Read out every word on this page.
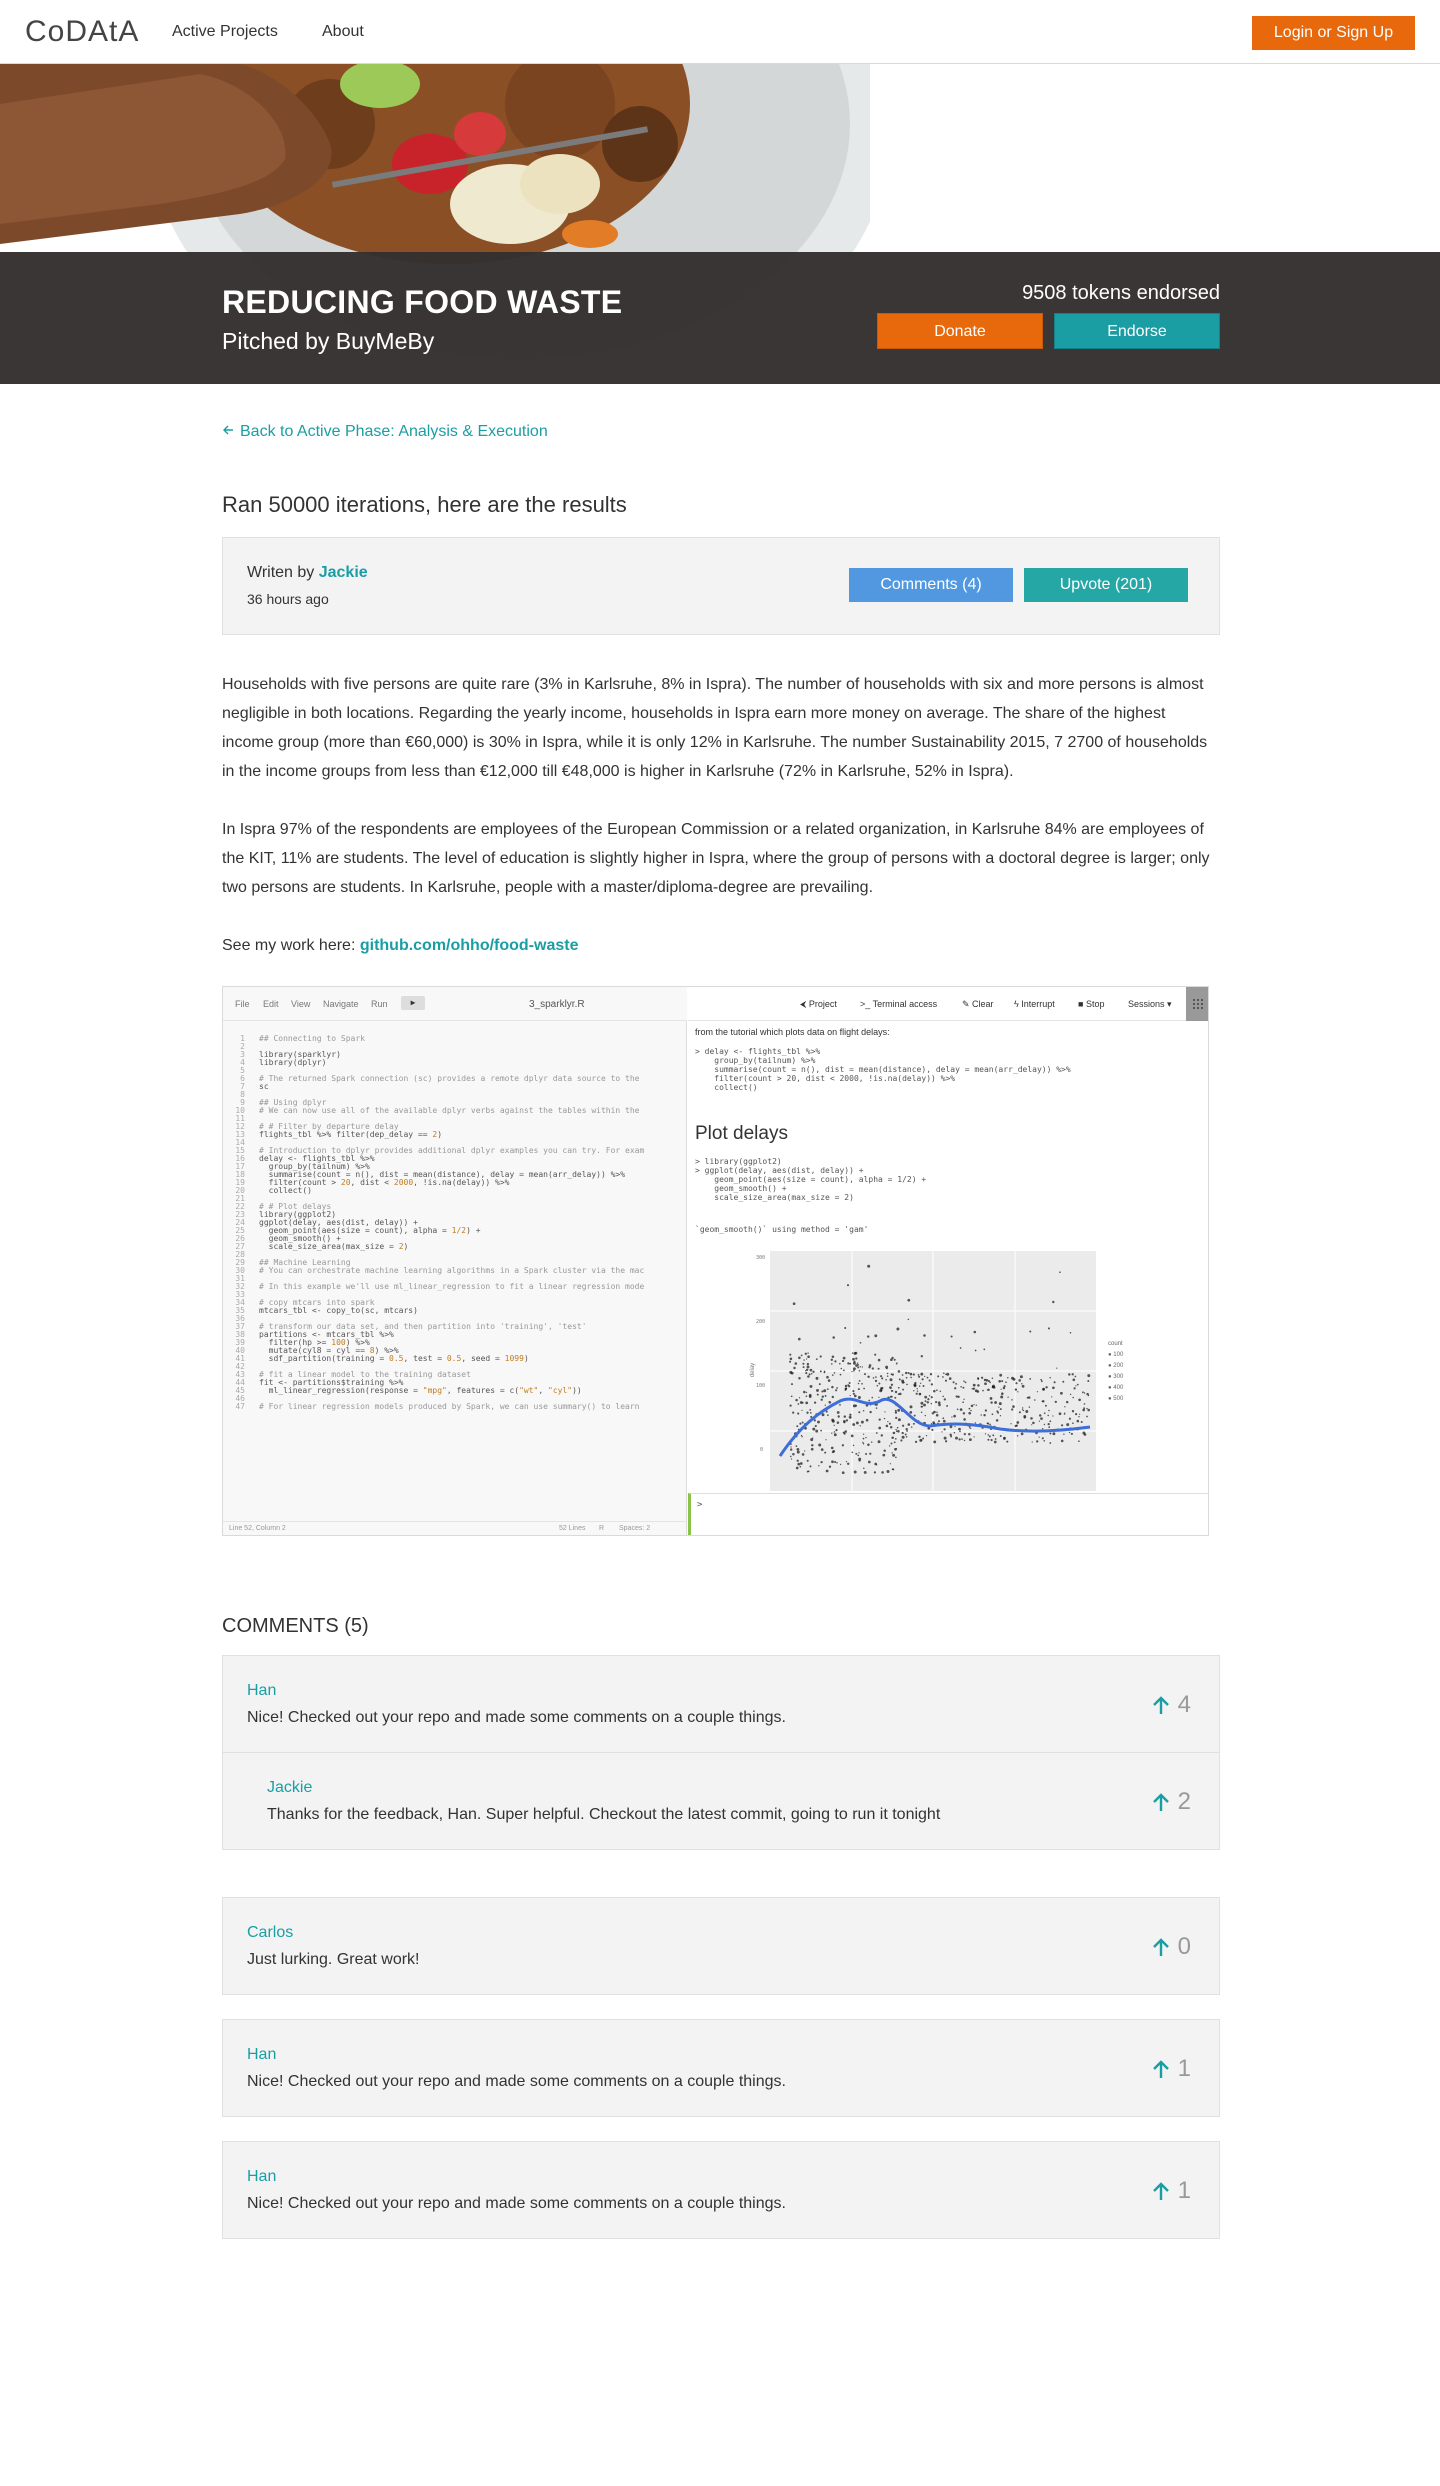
CoDAtA Active Projects	About	Login or Sign Up
REDUCING FOOD WASTE
Pitched by BuyMeBy
9508 tokens endorsed
Donate	Endorse
Back to Active Phase: Analysis & Execution
Ran 50000 iterations, here are the results
Writen by Jackie
36 hours ago
Comments (4)	Upvote (201)
Households with five persons are quite rare (3% in Karlsruhe, 8% in Ispra). The number of households with six and more persons is almost negligible in both locations. Regarding the yearly income, households in Ispra earn more money on average. The share of the highest income group (more than €60,000) is 30% in Ispra, while it is only 12% in Karlsruhe. The number Sustainability 2015, 7 2700 of households in the income groups from less than €12,000 till €48,000 is higher in Karlsruhe (72% in Karlsruhe, 52% in Ispra).
In Ispra 97% of the respondents are employees of the European Commission or a related organization, in Karlsruhe 84% are employees of the KIT, 11% are students. The level of education is slightly higher in Ispra, where the group of persons with a doctoral degree is larger; only two persons are students. In Karlsruhe, people with a master/diploma-degree are prevailing.
See my work here: github.com/ohho/food-waste
File Edit View Navigate Run	▶	3_sparklyr.R
1 ## Connecting to Spark
2
3 library(sparklyr)
4 library(dplyr)
5
6 # The returned Spark connection (sc) provides a remote dplyr data source to the
7 sc
8
9 ## Using dplyr
10 # We can now use all of the available dplyr verbs against the tables within the
11
12 # # Filter by departure delay
13 flights_tbl %>% filter(dep_delay == 2)
14
15 # Introduction to dplyr provides additional dplyr examples you can try. For exam
16 delay <- flights_tbl %>%
17  group_by(tailnum) %>%
18  summarise(count = n(), dist = mean(distance), delay = mean(arr_delay)) %>%
19  filter(count > 20, dist < 2000, !is.na(delay)) %>%
20  collect()
21
22 # # Plot delays
23 library(ggplot2)
24 ggplot(delay, aes(dist, delay)) +
25  geom_point(aes(size = count), alpha = 1/2) +
26  geom_smooth() +
27  scale_size_area(max_size = 2)
28
29 ## Machine Learning
30 # You can orchestrate machine learning algorithms in a Spark cluster via the mac
31
32 # In this example we'll use ml_linear_regression to fit a linear regression mode
33
34 # copy mtcars into spark
35 mtcars_tbl <- copy_to(sc, mtcars)
36
37 # transform our data set, and then partition into 'training', 'test'
38 partitions <- mtcars_tbl %>%
39  filter(hp >= 100) %>%
40  mutate(cyl8 = cyl == 8) %>%
41  sdf_partition(training = 0.5, test = 0.5, seed = 1099)
42
43 # fit a linear model to the training dataset
44 fit <- partitions$training %>%
45  ml_linear_regression(response = "mpg", features = c("wt", "cyl"))
46
47 # For linear regression models produced by Spark, we can use summary() to learn
Line 52, Column 2	52 Lines R Spaces: 2
⮜ Project	>_ Terminal access	✎ Clear ϟ Interrupt	■ Stop	Sessions ▾
from the tutorial which plots data on flight delays:
> delay <- flights_tbl %>%
group_by(tailnum) %>%
summarise(count = n(), dist = mean(distance), delay = mean(arr_delay)) %>%
filter(count > 20, dist < 2000, !is.na(delay)) %>%
collect()
Plot delays
> library(ggplot2)
> ggplot(delay, aes(dist, delay)) +
geom_point(aes(size = count), alpha = 1/2) +
geom_smooth() +
scale_size_area(max_size = 2)
`geom_smooth()` using method = 'gam'
delay
300
200
100
0
count
● 100
● 200
● 300
● 400
● 500
>
COMMENTS (5)
Han
Nice! Checked out your repo and made some comments on a couple things.	4
Jackie
Thanks for the feedback, Han. Super helpful. Checkout the latest commit, going to run it tonight	2
Carlos
Just lurking. Great work!	0
Han
Nice! Checked out your repo and made some comments on a couple things.	1
Han
Nice! Checked out your repo and made some comments on a couple things.	1
